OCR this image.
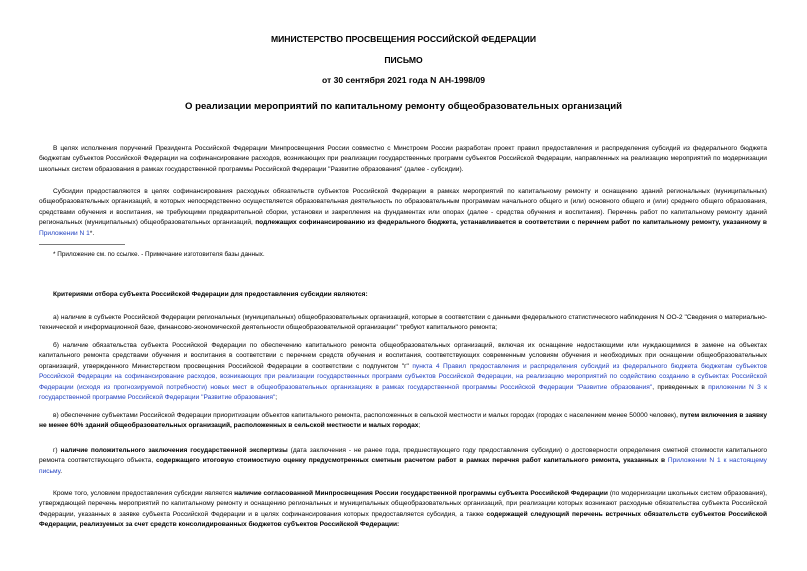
МИНИСТЕРСТВО ПРОСВЕЩЕНИЯ РОССИЙСКОЙ ФЕДЕРАЦИИ
ПИСЬМО
от 30 сентября 2021 года N АН-1998/09
О реализации мероприятий по капитальному ремонту общеобразовательных организаций

В целях исполнения поручений Президента Российской Федерации Минпросвещения России совместно с Минстроем России разработан проект правил предоставления и распределения субсидий из федерального бюджета бюджетам субъектов Российской Федерации на софинансирование расходов, возникающих при реализации государственных программ субъектов Российской Федерации, направленных на реализацию мероприятий по модернизации школьных систем образования в рамках государственной программы Российской Федерации "Развитие образования" (далее - субсидии).

Субсидии предоставляются в целях софинансирования расходных обязательств субъектов Российской Федерации в рамках мероприятий по капитальному ремонту и оснащению зданий региональных (муниципальных) общеобразовательных организаций, в которых непосредственно осуществляется образовательная деятельность по образовательным программам начального общего и (или) основного общего и (или) среднего общего образования, средствами обучения и воспитания, не требующими предварительной сборки, установки и закрепления на фундаментах или опорах (далее - средства обучения и воспитания). Перечень работ по капитальному ремонту зданий региональных (муниципальных) общеобразовательных организаций, подлежащих софинансированию из федерального бюджета, устанавливается в соответствии с перечнем работ по капитальному ремонту, указанному в Приложении N 1*.

* Приложение см. по ссылке. - Примечание изготовителя базы данных.

Критериями отбора субъекта Российской Федерации для предоставления субсидии являются:

а) наличие в субъекте Российской Федерации региональных (муниципальных) общеобразовательных организаций, которые в соответствии с данными федерального статистического наблюдения N ОО-2 "Сведения о материально-технической и информационной базе, финансово-экономической деятельности общеобразовательной организации" требуют капитального ремонта;

б) наличие обязательства субъекта Российской Федерации по обеспечению капитального ремонта общеобразовательных организаций, включая их оснащение недостающими или нуждающимися в замене на объектах капитального ремонта средствами обучения и воспитания в соответствии с перечнем средств обучения и воспитания, соответствующих современным условиям обучения и необходимых при оснащении общеобразовательных организаций, утвержденного Министерством просвещения Российской Федерации в соответствии с подпунктом "г" пункта 4 Правил предоставления и распределения субсидий из федерального бюджета бюджетам субъектов Российской Федерации на софинансирование расходов, возникающих при реализации государственных программ субъектов Российской Федерации, на реализацию мероприятий по содействию созданию в субъектах Российской Федерации (исходя из прогнозируемой потребности) новых мест в общеобразовательных организациях в рамках государственной программы Российской Федерации "Развитие образования", приведенных в приложении N 3 к государственной программе Российской Федерации "Развитие образования";

в) обеспечение субъектами Российской Федерации приоритизации объектов капитального ремонта, расположенных в сельской местности и малых городах (городах с населением менее 50000 человек), путем включения в заявку не менее 60% зданий общеобразовательных организаций, расположенных в сельской местности и малых городах;

г) наличие положительного заключения государственной экспертизы (дата заключения - не ранее года, предшествующего году предоставления субсидии) о достоверности определения сметной стоимости капитального ремонта соответствующего объекта, содержащего итоговую стоимостную оценку предусмотренных сметным расчетом работ в рамках перечня работ капитального ремонта, указанных в Приложении N 1 к настоящему письму.

Кроме того, условием предоставления субсидии является наличие согласованной Минпросвещения России государственной программы субъекта Российской Федерации (по модернизации школьных систем образования), утверждающей перечень мероприятий по капитальному ремонту и оснащению региональных и муниципальных общеобразовательных организаций, при реализации которых возникают расходные обязательства субъекта Российской Федерации, указанных в заявке субъекта Российской Федерации и в целях софинансирования которых предоставляется субсидия, а также содержащей следующий перечень встречных обязательств субъектов Российской Федерации, реализуемых за счет средств консолидированных бюджетов субъектов Российской Федерации:
